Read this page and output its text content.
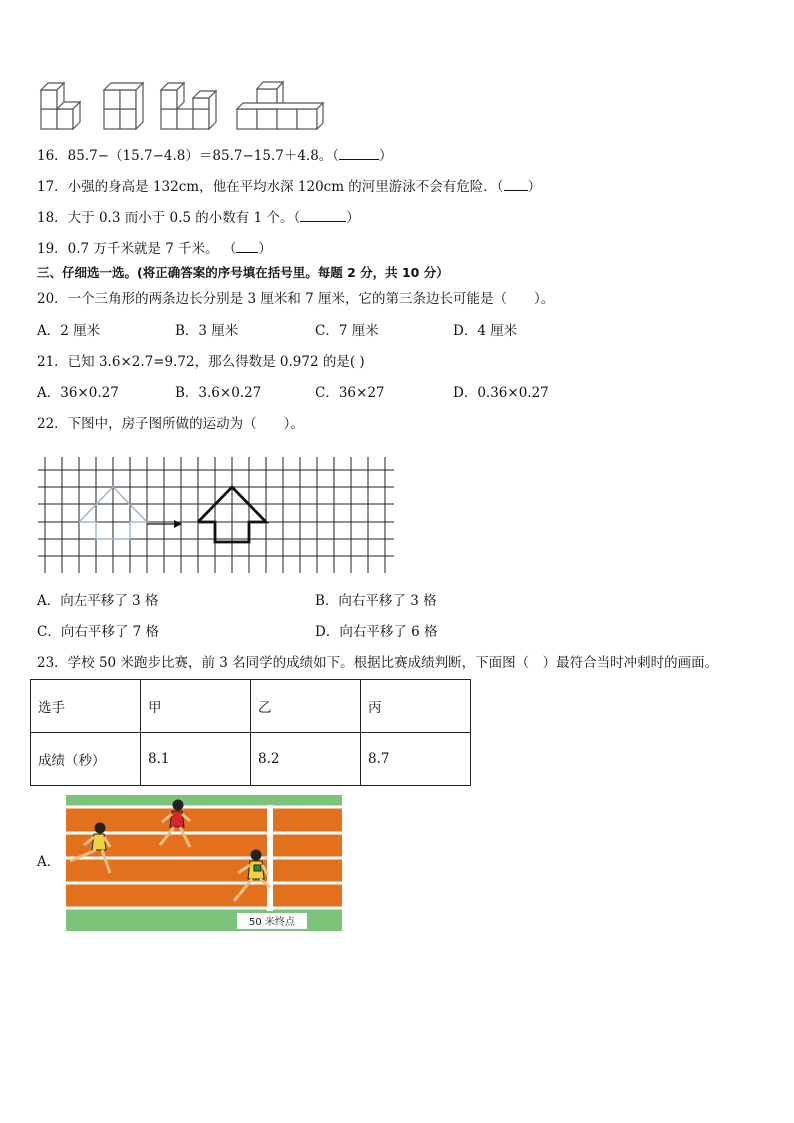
16．85.7−（15.7−4.8）＝85.7−15.7＋4.8。（	）
17．小强的身高是 132cm，他在平均水深 120cm 的河里游泳不会有危险．（ ）
18．大于 0.3 而小于 0.5 的小数有 1 个。（	）
19．0.7 万千米就是 7 千米。 （ ）
三、仔细选一选。(将正确答案的序号填在括号里。每题 2 分，共 10 分）
20．一个三角形的两条边长分别是 3 厘米和 7 厘米，它的第三条边长可能是（　　）。
A．2 厘米	B．3 厘米	C．7 厘米	D．4 厘米
21．已知 3.6×2.7=9.72，那么得数是 0.972 的是( )
A．36×0.27	B．3.6×0.27	C．36×27	D．0.36×0.27
22．下图中，房子图所做的运动为（　　）。
A．向左平移了 3 格	B．向右平移了 3 格
C．向右平移了 7 格	D．向右平移了 6 格
23．学校 50 米跑步比赛，前 3 名同学的成绩如下。根据比赛成绩判断，下面图（　）最符合当时冲刺时的画面。
选手	甲	乙	丙
成绩（秒）	8.1	8.2	8.7
A．
50 米终点
